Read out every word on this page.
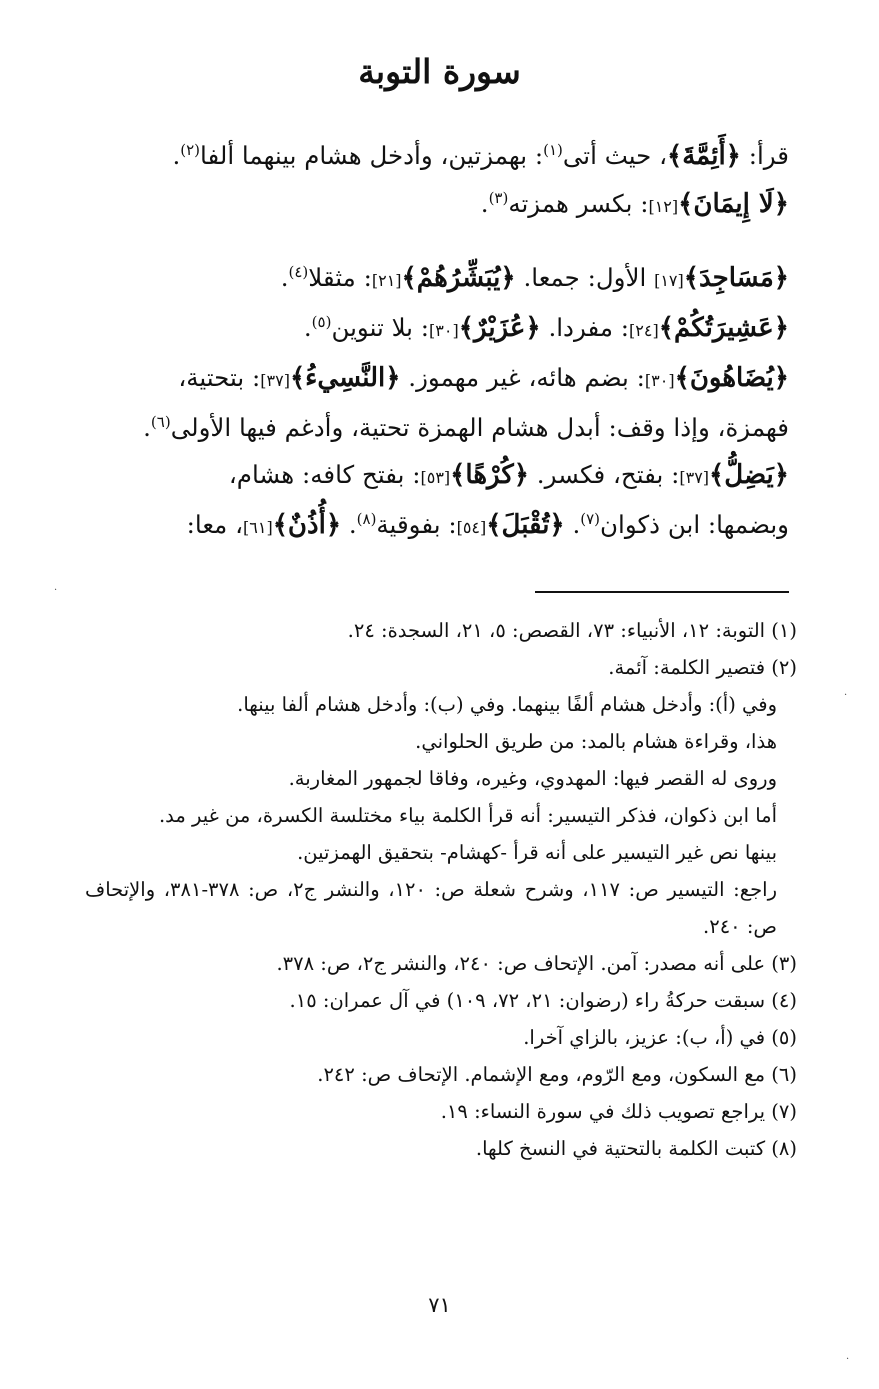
سورة التوبة

قرأ: ﴿أَئِمَّةَ﴾، حيث أتى$^{(١)}$: بهمزتين، وأدخل هشام بينهما ألفا$^{(٢)}$.

﴿لَا إِيمَانَ﴾[١٢]: بكسر همزته$^{(٣)}$.

﴿مَسَاجِدَ﴾[١٧] الأول: جمعا. ﴿يُبَشِّرُهُمْ﴾[٢١]: مثقلا$^{(٤)}$.

﴿عَشِيرَتُكُمْ﴾[٢٤]: مفردا. ﴿عُزَيْرٌ﴾[٣٠]: بلا تنوين$^{(٥)}$.

﴿يُضَاهُونَ﴾[٣٠]: بضم هائه، غير مهموز. ﴿النَّسِيءُ﴾[٣٧]: بتحتية،

فهمزة، وإذا وقف: أبدل هشام الهمزة تحتية، وأدغم فيها الأولى$^{(٦)}$.

﴿يَضِلُّ﴾[٣٧]: بفتح، فكسر. ﴿كُرْهًا﴾[٥٣]: بفتح كافه: هشام،

وبضمها: ابن ذكوان$^{(٧)}$. ﴿تُقْبَلَ﴾[٥٤]: بفوقية$^{(٨)}$. ﴿أُذُنٌ﴾[٦١]، معا:

(١) التوبة: ١٢، الأنبياء: ٧٣، القصص: ٥، ٢١، السجدة: ٢٤.

(٢) فتصير الكلمة: آئمة.

وفي (أ): وأدخل هشام ألفًا بينهما. وفي (ب): وأدخل هشام ألفا بينها.

هذا، وقراءة هشام بالمد: من طريق الحلواني.

وروى له القصر فيها: المهدوي، وغيره، وفاقا لجمهور المغاربة.

أما ابن ذكوان، فذكر التيسير: أنه قرأ الكلمة بياء مختلسة الكسرة، من غير مد.

بينها نص غير التيسير على أنه قرأ -كهشام- بتحقيق الهمزتين.

راجع: التيسير ص: ١١٧، وشرح شعلة ص: ١٢٠، والنشر ج٢، ص: ٣٧٨-٣٨١، والإتحاف ص: ٢٤٠.

(٣) على أنه مصدر: آمن. الإتحاف ص: ٢٤٠، والنشر ج٢، ص: ٣٧٨.

(٤) سبقت حركةُ راء (رضوان: ٢١، ٧٢، ١٠٩) في آل عمران: ١٥.

(٥) في (أ، ب): عزيز، بالزاي آخرا.

(٦) مع السكون، ومع الرّوم، ومع الإشمام. الإتحاف ص: ٢٤٢.

(٧) يراجع تصويب ذلك في سورة النساء: ١٩.

(٨) كتبت الكلمة بالتحتية في النسخ كلها.

٧١
·
·
·
